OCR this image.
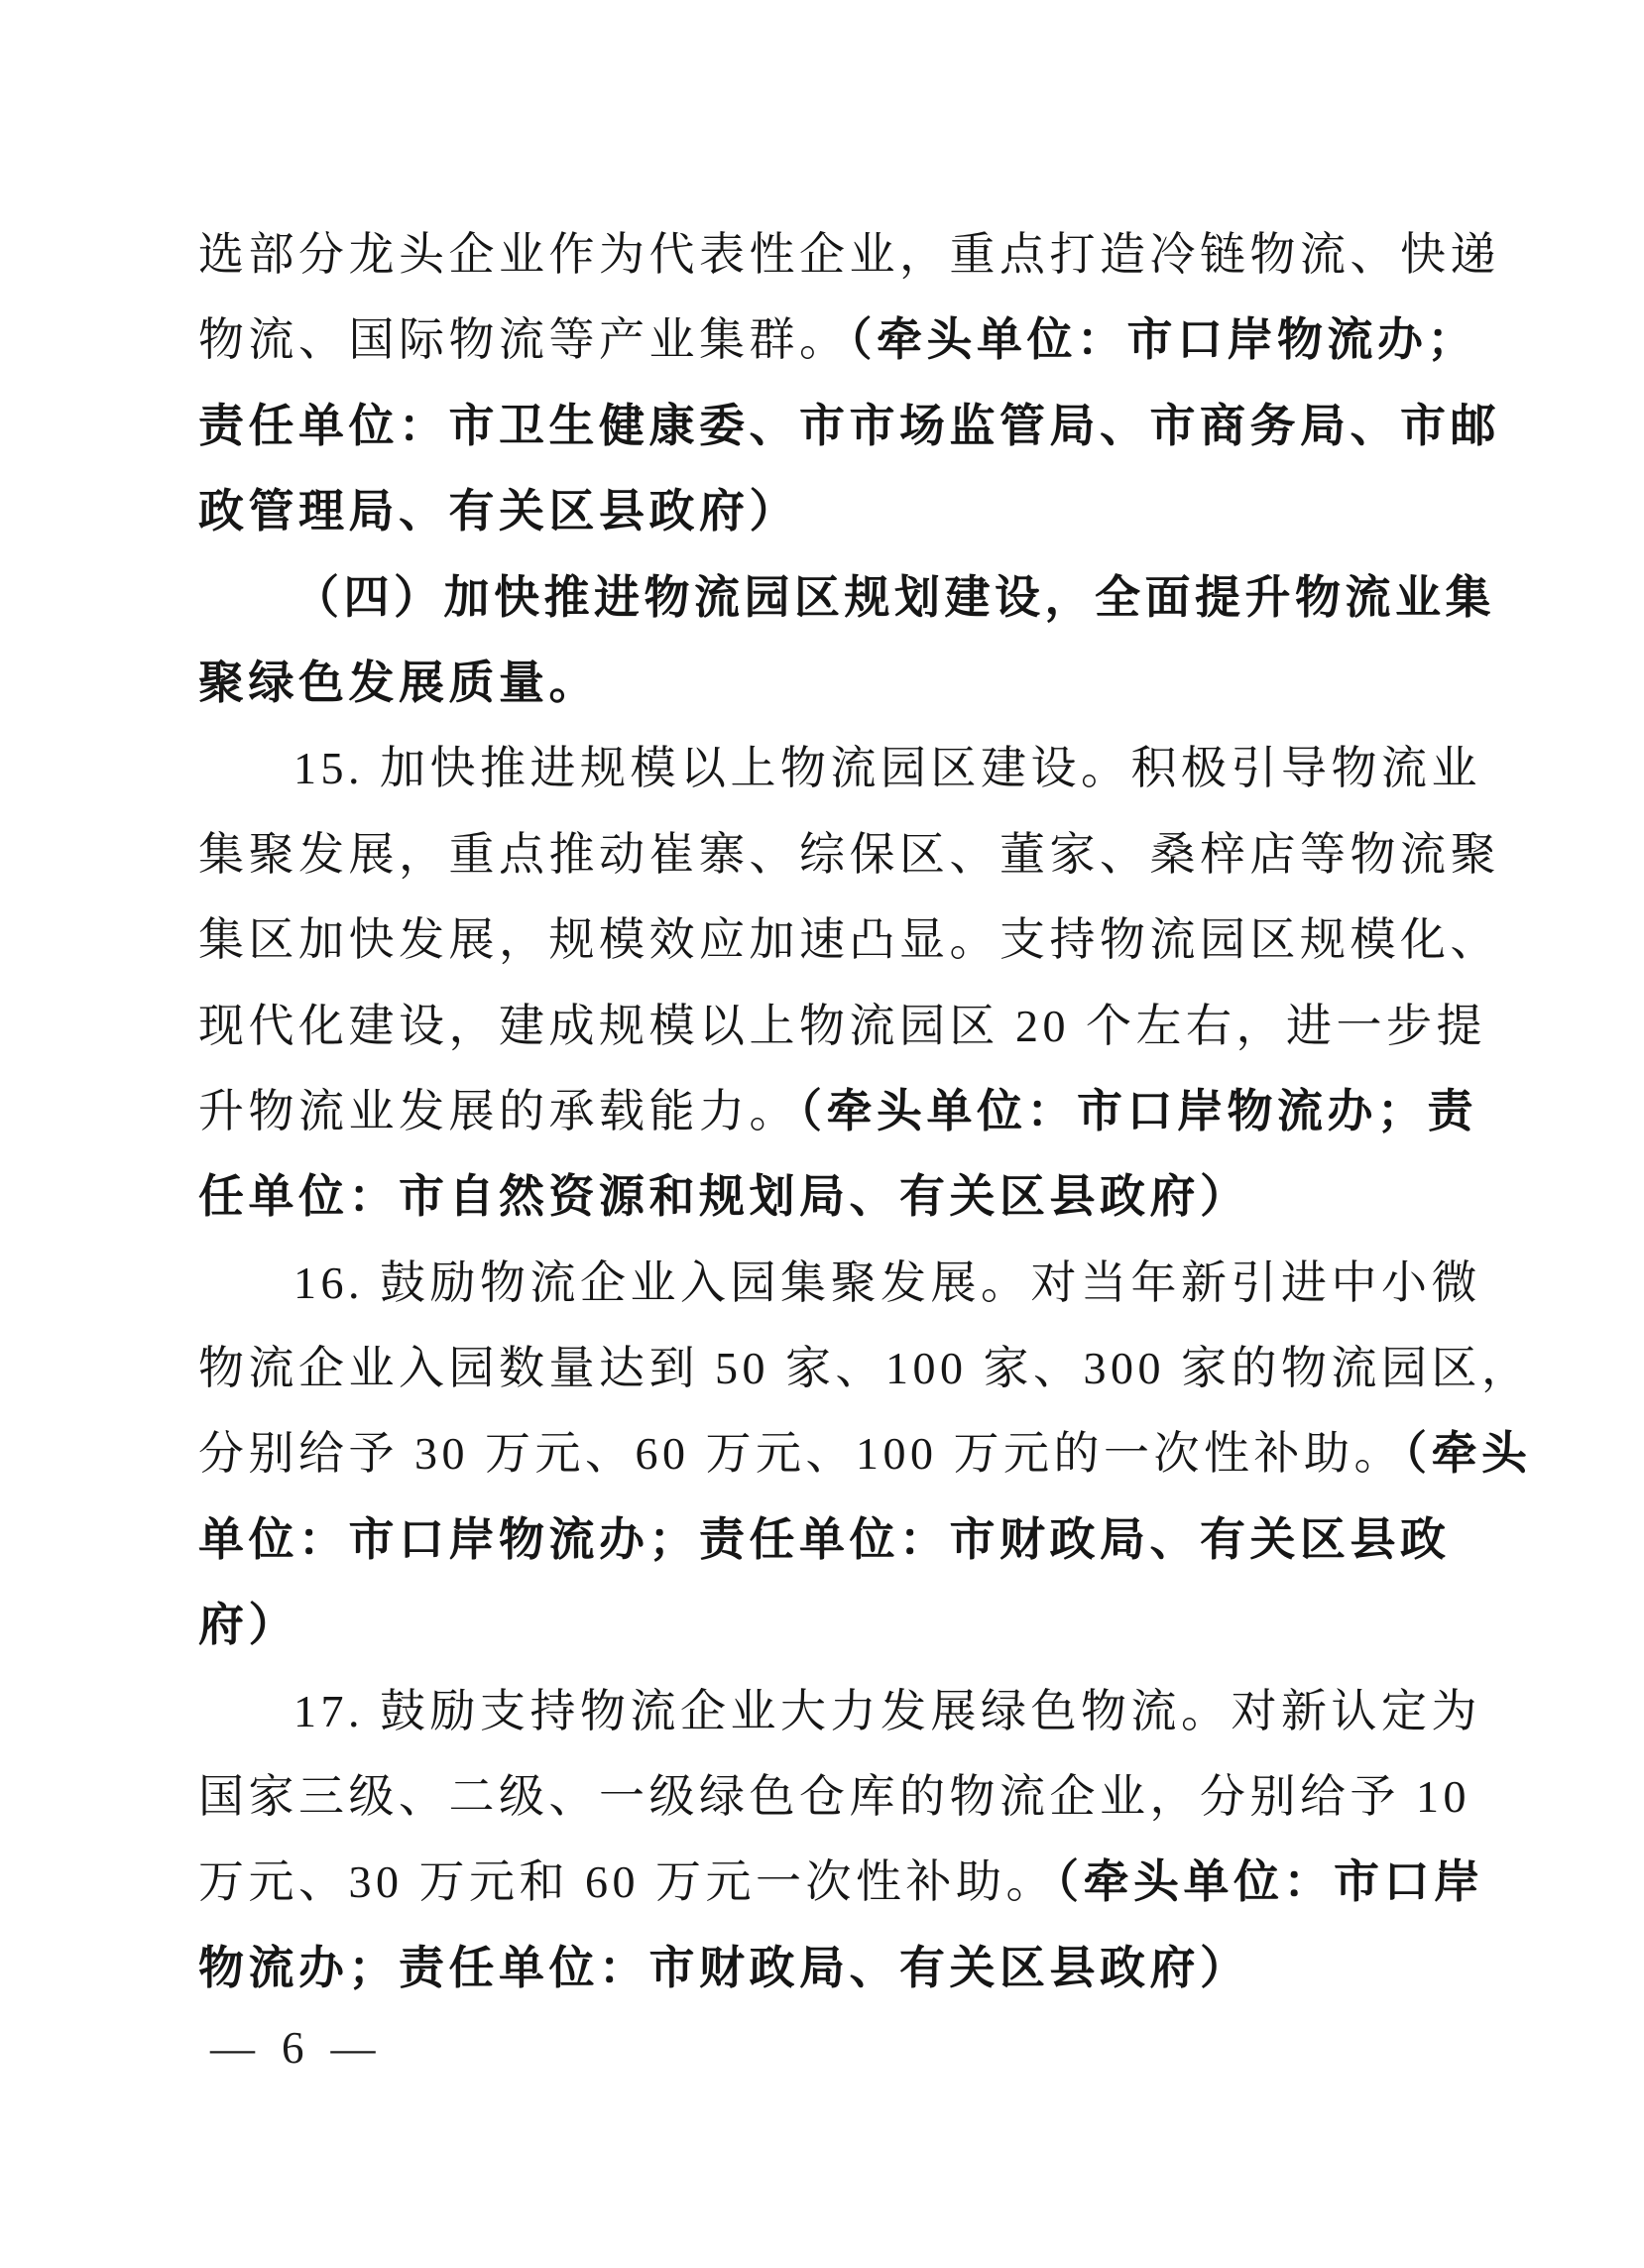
选部分龙头企业作为代表性企业，重点打造冷链物流、快递
物流、国际物流等产业集群。（牵头单位：市口岸物流办；
责任单位：市卫生健康委、市市场监管局、市商务局、市邮
政管理局、有关区县政府）
（四）加快推进物流园区规划建设，全面提升物流业集
聚绿色发展质量。
15. 加快推进规模以上物流园区建设。积极引导物流业
集聚发展，重点推动崔寨、综保区、董家、桑梓店等物流聚
集区加快发展，规模效应加速凸显。支持物流园区规模化、
现代化建设，建成规模以上物流园区 20 个左右，进一步提
升物流业发展的承载能力。（牵头单位：市口岸物流办；责
任单位：市自然资源和规划局、有关区县政府）
16. 鼓励物流企业入园集聚发展。对当年新引进中小微
物流企业入园数量达到 50 家、100 家、300 家的物流园区，
分别给予 30 万元、60 万元、100 万元的一次性补助。（牵头
单位：市口岸物流办；责任单位：市财政局、有关区县政
府）
17. 鼓励支持物流企业大力发展绿色物流。对新认定为
国家三级、二级、一级绿色仓库的物流企业，分别给予 10
万元、30 万元和 60 万元一次性补助。（牵头单位：市口岸
物流办；责任单位：市财政局、有关区县政府）
— 6 —
